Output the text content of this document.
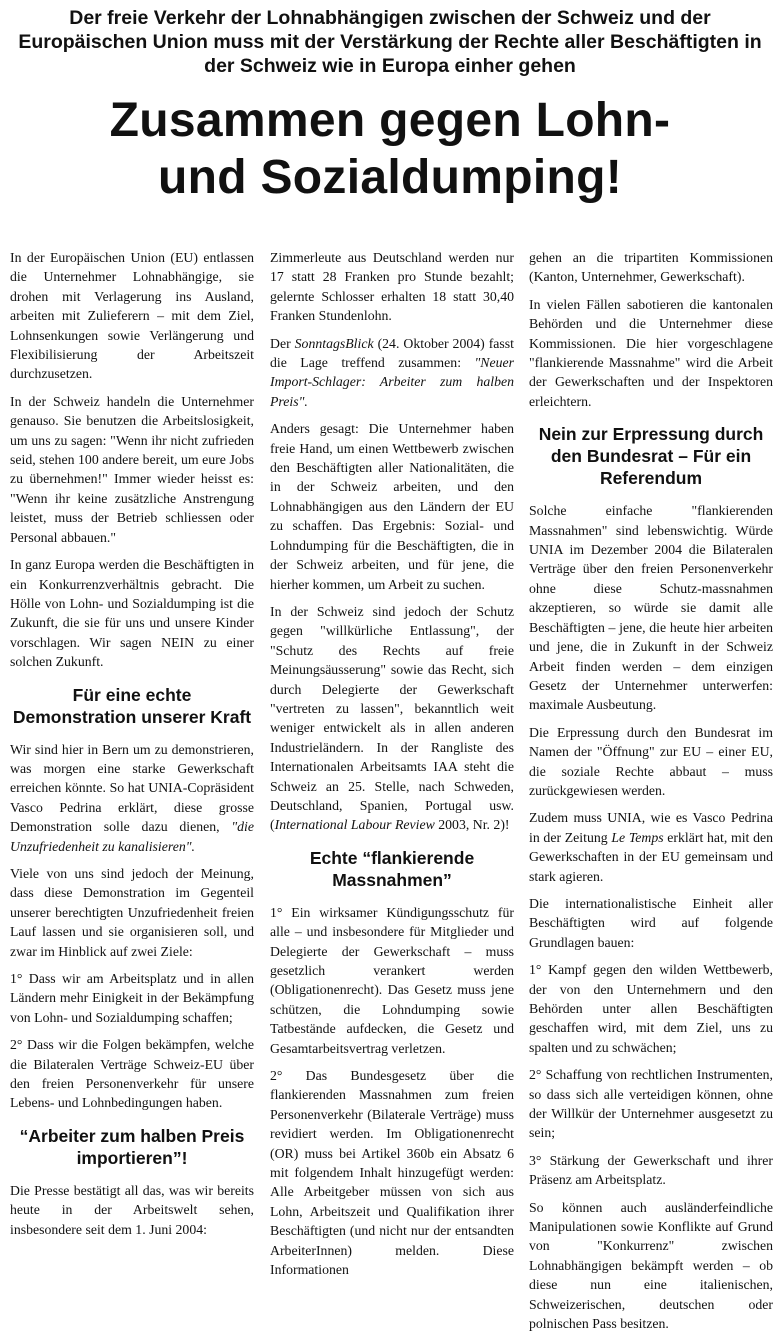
Der freie Verkehr der Lohnabhängigen zwischen der Schweiz und der Europäischen Union muss mit der Verstärkung der Rechte aller Beschäftigten in der Schweiz wie in Europa einher gehen
Zusammen gegen Lohn-
und Sozialdumping!

In der Europäischen Union (EU) entlassen die Unternehmer Lohnabhängige, sie drohen mit Verlagerung ins Ausland, arbeiten mit Zulieferern – mit dem Ziel, Lohnsenkungen sowie Verlängerung und Flexibilisierung der Arbeitszeit durchzusetzen.

In der Schweiz handeln die Unternehmer genauso. Sie benutzen die Arbeitslosigkeit, um uns zu sagen: "Wenn ihr nicht zufrieden seid, stehen 100 andere bereit, um eure Jobs zu übernehmen!" Immer wieder heisst es: "Wenn ihr keine zusätzliche Anstrengung leistet, muss der Betrieb schliessen oder Personal abbauen."

In ganz Europa werden die Beschäftigten in ein Konkurrenzverhältnis gebracht. Die Hölle von Lohn- und Sozialdumping ist die Zukunft, die sie für uns und unsere Kinder vorschlagen. Wir sagen NEIN zu einer solchen Zukunft.

Für eine echte Demonstration unserer Kraft

Wir sind hier in Bern um zu demonstrieren, was morgen eine starke Gewerkschaft erreichen könnte. So hat UNIA-Copräsident Vasco Pedrina erklärt, diese grosse Demonstration solle dazu dienen, "die Unzufriedenheit zu kanalisieren".

Viele von uns sind jedoch der Meinung, dass diese Demonstration im Gegenteil unserer berechtigten Unzufriedenheit freien Lauf lassen und sie organisieren soll, und zwar im Hinblick auf zwei Ziele:

1° Dass wir am Arbeitsplatz und in allen Ländern mehr Einigkeit in der Bekämpfung von Lohn- und Sozialdumping schaffen;

2° Dass wir die Folgen bekämpfen, welche die Bilateralen Verträge Schweiz-EU über den freien Personenverkehr für unsere Lebens- und Lohnbedingungen haben.

“Arbeiter zum halben Preis importieren”!

Die Presse bestätigt all das, was wir bereits heute in der Arbeitswelt sehen, insbesondere seit dem 1. Juni 2004:

Zimmerleute aus Deutschland werden nur 17 statt 28 Franken pro Stunde bezahlt; gelernte Schlosser erhalten 18 statt 30,40 Franken Stundenlohn.

Der SonntagsBlick (24. Oktober 2004) fasst die Lage treffend zusammen: "Neuer Import-Schlager: Arbeiter zum halben Preis".

Anders gesagt: Die Unternehmer haben freie Hand, um einen Wettbewerb zwischen den Beschäftigten aller Nationalitäten, die in der Schweiz arbeiten, und den Lohnabhängigen aus den Ländern der EU zu schaffen. Das Ergebnis: Sozial- und Lohndumping für die Beschäftigten, die in der Schweiz arbeiten, und für jene, die hierher kommen, um Arbeit zu suchen.

In der Schweiz sind jedoch der Schutz gegen "willkürliche Entlassung", der "Schutz des Rechts auf freie Meinungsäusserung" sowie das Recht, sich durch Delegierte der Gewerkschaft "vertreten zu lassen", bekanntlich weit weniger entwickelt als in allen anderen Industrieländern. In der Rangliste des Internationalen Arbeitsamts IAA steht die Schweiz an 25. Stelle, nach Schweden, Deutschland, Spanien, Portugal usw. (International Labour Review 2003, Nr. 2)!

Echte “flankierende Massnahmen”

1° Ein wirksamer Kündigungsschutz für alle – und insbesondere für Mitglieder und Delegierte der Gewerkschaft – muss gesetzlich verankert werden (Obligationenrecht). Das Gesetz muss jene schützen, die Lohndumping sowie Tatbestände aufdecken, die Gesetz und Gesamtarbeitsvertrag verletzen.

2° Das Bundesgesetz über die flankierenden Massnahmen zum freien Personenverkehr (Bilaterale Verträge) muss revidiert werden. Im Obligationenrecht (OR) muss bei Artikel 360b ein Absatz 6 mit folgendem Inhalt hinzugefügt werden: Alle Arbeitgeber müssen von sich aus Lohn, Arbeitszeit und Qualifikation ihrer Beschäftigten (und nicht nur der entsandten ArbeiterInnen) melden. Diese Informationen

gehen an die tripartiten Kommissionen (Kanton, Unternehmer, Gewerkschaft).

In vielen Fällen sabotieren die kantonalen Behörden und die Unternehmer diese Kommissionen. Die hier vorgeschlagene "flankierende Massnahme" wird die Arbeit der Gewerkschaften und der Inspektoren erleichtern.

Nein zur Erpressung durch den Bundesrat – Für ein Referendum

Solche einfache "flankierenden Massnahmen" sind lebenswichtig. Würde UNIA im Dezember 2004 die Bilateralen Verträge über den freien Personenverkehr ohne diese Schutz-massnahmen akzeptieren, so würde sie damit alle Beschäftigten – jene, die heute hier arbeiten und jene, die in Zukunft in der Schweiz Arbeit finden werden – dem einzigen Gesetz der Unternehmer unterwerfen: maximale Ausbeutung.

Die Erpressung durch den Bundesrat im Namen der "Öffnung" zur EU – einer EU, die soziale Rechte abbaut – muss zurückgewiesen werden.

Zudem muss UNIA, wie es Vasco Pedrina in der Zeitung Le Temps erklärt hat, mit den Gewerkschaften in der EU gemeinsam und stark agieren.

Die internationalistische Einheit aller Beschäftigten wird auf folgende Grundlagen bauen:

1° Kampf gegen den wilden Wettbewerb, der von den Unternehmern und den Behörden unter allen Beschäftigten geschaffen wird, mit dem Ziel, uns zu spalten und zu schwächen;

2° Schaffung von rechtlichen Instrumenten, so dass sich alle verteidigen können, ohne der Willkür der Unternehmer ausgesetzt zu sein;

3° Stärkung der Gewerkschaft und ihrer Präsenz am Arbeitsplatz.

So können auch ausländerfeindliche Manipulationen sowie Konflikte auf Grund von "Konkurrenz" zwischen Lohnabhängigen bekämpft werden – ob diese nun eine italienischen, Schweizerischen, deutschen oder polnischen Pass besitzen.
